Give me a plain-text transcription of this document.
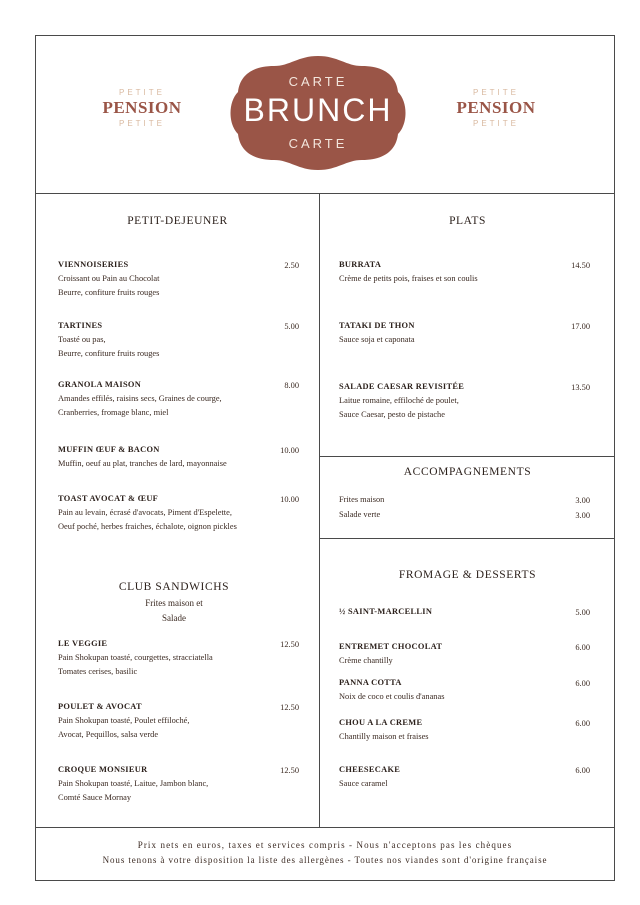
PETITE
PENSION
PETITE
PETITE
PENSION
PETITE
CARTE
BRUNCH
CARTE
PETIT-DEJEUNER
VIENNOISERIES
Croissant ou Pain au Chocolat
Beurre, confiture fruits rouges
2.50
TARTINES
Toasté ou pas,
Beurre, confiture fruits rouges
5.00
GRANOLA MAISON
Amandes effilés, raisins secs, Graines de courge,
Cranberries, fromage blanc, miel
8.00
MUFFIN ŒUF & BACON
Muffin, oeuf au plat, tranches de lard, mayonnaise
10.00
TOAST AVOCAT & ŒUF
Pain au levain, écrasé d'avocats, Piment d'Espelette,
Oeuf poché, herbes fraiches, échalote, oignon pickles
10.00
CLUB SANDWICHS
Frites maison et
Salade
LE VEGGIE
Pain Shokupan toasté, courgettes, stracciatella
Tomates cerises, basilic
12.50
POULET & AVOCAT
Pain Shokupan toasté, Poulet effiloché,
Avocat, Pequillos, salsa verde
12.50
CROQUE MONSIEUR
Pain Shokupan toasté, Laitue, Jambon blanc,
Comté Sauce Mornay
12.50
PLATS
BURRATA
Crème de petits pois, fraises et son coulis
14.50
TATAKI DE THON
Sauce soja et caponata
17.00
SALADE CAESAR REVISITÉE
Laitue romaine, effiloché de poulet,
Sauce Caesar, pesto de pistache
13.50
ACCOMPAGNEMENTS
Frites maison	3.00
Salade verte	3.00
FROMAGE & DESSERTS
½ SAINT-MARCELLIN	5.00
ENTREMET CHOCOLAT
Crème chantilly
6.00
PANNA COTTA
Noix de coco et coulis d'ananas
6.00
CHOU A LA CREME
Chantilly maison et fraises
6.00
CHEESECAKE
Sauce caramel
6.00
Prix nets en euros, taxes et services compris - Nous n'acceptons pas les chèques
Nous tenons à votre disposition la liste des allergènes - Toutes nos viandes sont d'origine française
